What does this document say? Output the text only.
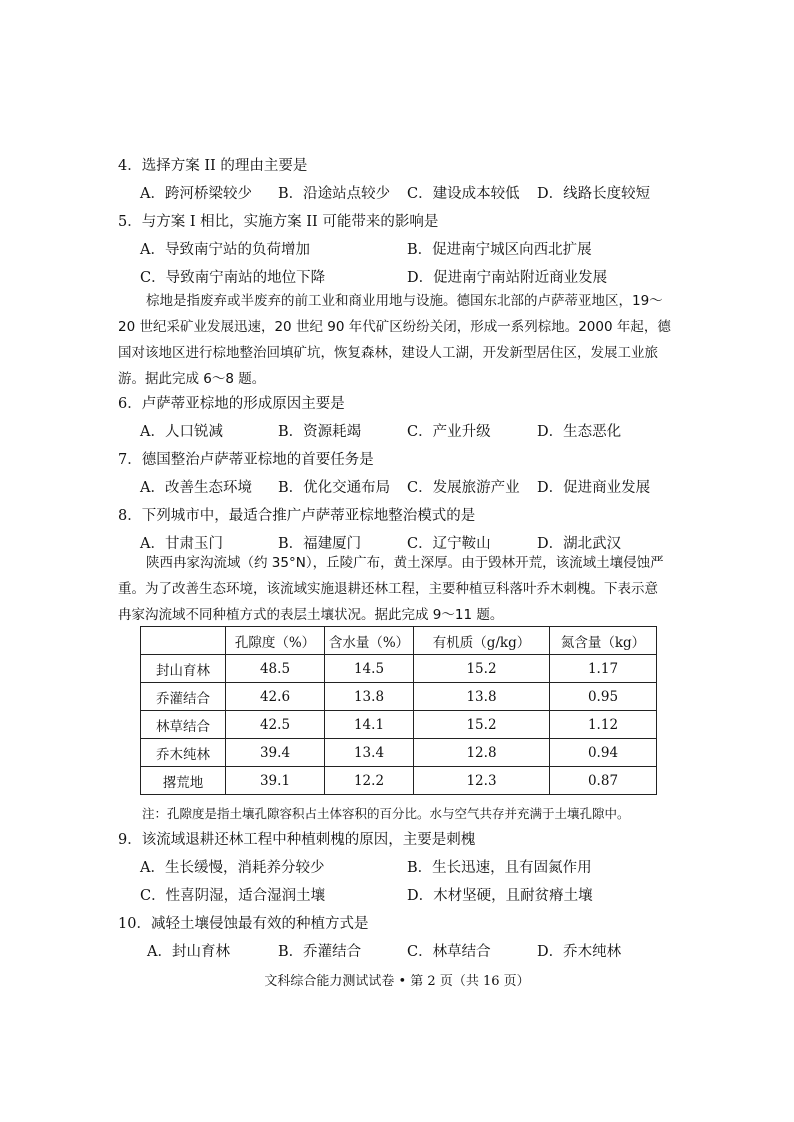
4．选择方案 II 的理由主要是
A．跨河桥梁较少 B．沿途站点较少 C．建设成本较低 D．线路长度较短
5．与方案 I 相比，实施方案 II 可能带来的影响是
A．导致南宁站的负荷增加	B．促进南宁城区向西北扩展
C．导致南宁南站的地位下降	D．促进南宁南站附近商业发展
棕地是指废弃或半废弃的前工业和商业用地与设施。德国东北部的卢萨蒂亚地区，19～
20 世纪采矿业发展迅速，20 世纪 90 年代矿区纷纷关闭，形成一系列棕地。2000 年起，德
国对该地区进行棕地整治回填矿坑，恢复森林，建设人工湖，开发新型居住区，发展工业旅
游。据此完成 6～8 题。
6．卢萨蒂亚棕地的形成原因主要是
A．人口锐减	B．资源耗竭	C．产业升级	D．生态恶化
7．德国整治卢萨蒂亚棕地的首要任务是
A．改善生态环境 B．优化交通布局 C．发展旅游产业 D．促进商业发展
8．下列城市中，最适合推广卢萨蒂亚棕地整治模式的是
A．甘肃玉门	B．福建厦门	C．辽宁鞍山	D．湖北武汉
陕西冉家沟流域（约 35°N），丘陵广布，黄土深厚。由于毁林开荒，该流域土壤侵蚀严
重。为了改善生态环境，该流域实施退耕还林工程，主要种植豆科落叶乔木刺槐。下表示意
冉家沟流域不同种植方式的表层土壤状况。据此完成 9～11 题。
	孔隙度（%）	含水量（%）	有机质（g/kg）	氮含量（kg）
封山育林	48.5	14.5	15.2	1.17
乔灌结合	42.6	13.8	13.8	0.95
林草结合	42.5	14.1	15.2	1.12
乔木纯林	39.4	13.4	12.8	0.94
撂荒地	39.1	12.2	12.3	0.87
注：孔隙度是指土壤孔隙容积占土体容积的百分比。水与空气共存并充满于土壤孔隙中。
9．该流域退耕还林工程中种植刺槐的原因，主要是刺槐
A．生长缓慢，消耗养分较少	B．生长迅速，且有固氮作用
C．性喜阴湿，适合湿润土壤	D．木材坚硬，且耐贫瘠土壤
10．减轻土壤侵蚀最有效的种植方式是
A．封山育林	B．乔灌结合	C．林草结合	D．乔木纯林
文科综合能力测试试卷 • 第 2 页（共 16 页）
